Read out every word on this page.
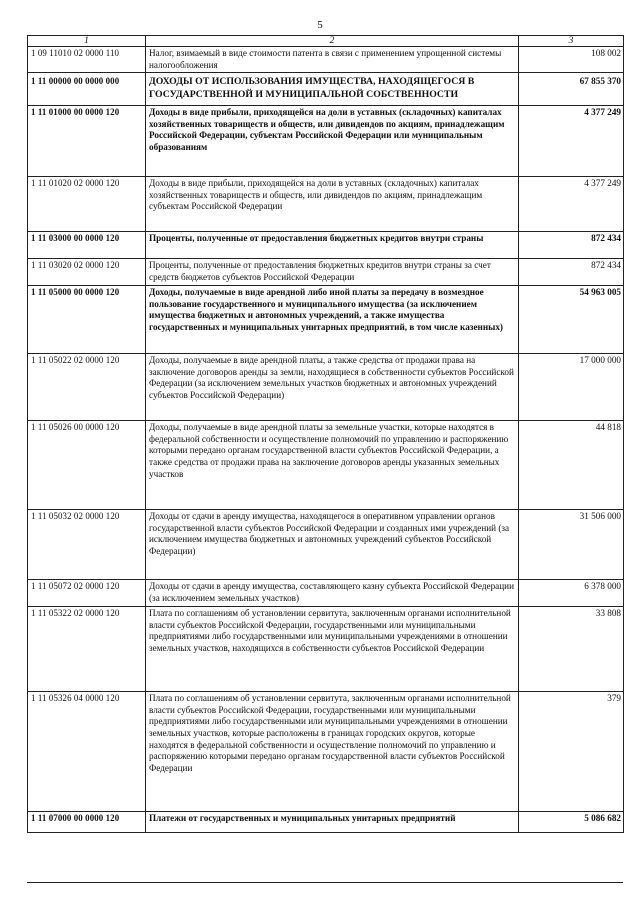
5
1	2	3
1 09 11010 02 0000 110	Налог, взимаемый в виде стоимости патента в связи с применением упрощенной системы налогообложения	108 002
1 11 00000 00 0000 000	ДОХОДЫ ОТ ИСПОЛЬЗОВАНИЯ ИМУЩЕСТВА, НАХОДЯЩЕГОСЯ В ГОСУДАРСТВЕННОЙ И МУНИЦИПАЛЬНОЙ СОБСТВЕННОСТИ	67 855 370
1 11 01000 00 0000 120	Доходы в виде прибыли, приходящейся на доли в уставных (складочных) капиталах хозяйственных товариществ и обществ, или дивидендов по акциям, принадлежащим Российской Федерации, субъектам Российской Федерации или муниципальным образованиям	4 377 249
1 11 01020 02 0000 120	Доходы в виде прибыли, приходящейся на доли в уставных (складочных) капиталах хозяйственных товариществ и обществ, или дивидендов по акциям, принадлежащим субъектам Российской Федерации	4 377 249
1 11 03000 00 0000 120	Проценты, полученные от предоставления бюджетных кредитов внутри страны	872 434
1 11 03020 02 0000 120	Проценты, полученные от предоставления бюджетных кредитов внутри страны за счет средств бюджетов субъектов Российской Федерации	872 434
1 11 05000 00 0000 120	Доходы, получаемые в виде арендной либо иной платы за передачу в возмездное пользование государственного и муниципального имущества (за исключением имущества бюджетных и автономных учреждений, а также имущества государственных и муниципальных унитарных предприятий, в том числе казенных)	54 963 005
1 11 05022 02 0000 120	Доходы, получаемые в виде арендной платы, а также средства от продажи права на заключение договоров аренды за земли, находящиеся в собственности субъектов Российской Федерации (за исключением земельных участков бюджетных и автономных учреждений субъектов Российской Федерации)	17 000 000
1 11 05026 00 0000 120	Доходы, получаемые в виде арендной платы за земельные участки, которые находятся в федеральной собственности и осуществление полномочий по управлению и распоряжению которыми передано органам государственной власти субъектов Российской Федерации, а также средства от продажи права на заключение договоров аренды указанных земельных участков	44 818
1 11 05032 02 0000 120	Доходы от сдачи в аренду имущества, находящегося в оперативном управлении органов государственной власти субъектов Российской Федерации и созданных ими учреждений (за исключением имущества бюджетных и автономных учреждений субъектов Российской Федерации)	31 506 000
1 11 05072 02 0000 120	Доходы от сдачи в аренду имущества, составляющего казну субъекта Российской Федерации (за исключением земельных участков)	6 378 000
1 11 05322 02 0000 120	Плата по соглашениям об установлении сервитута, заключенным органами исполнительной власти субъектов Российской Федерации, государственными или муниципальными предприятиями либо государственными или муниципальными учреждениями в отношении земельных участков, находящихся в собственности субъектов Российской Федерации	33 808
1 11 05326 04 0000 120	Плата по соглашениям об установлении сервитута, заключенным органами исполнительной власти субъектов Российской Федерации, государственными или муниципальными предприятиями либо государственными или муниципальными учреждениями в отношении земельных участков, которые расположены в границах городских округов, которые находятся в федеральной собственности и осуществление полномочий по управлению и распоряжению которыми передано органам государственной власти субъектов Российской Федерации	379
1 11 07000 00 0000 120	Платежи от государственных и муниципальных унитарных предприятий	5 086 682
